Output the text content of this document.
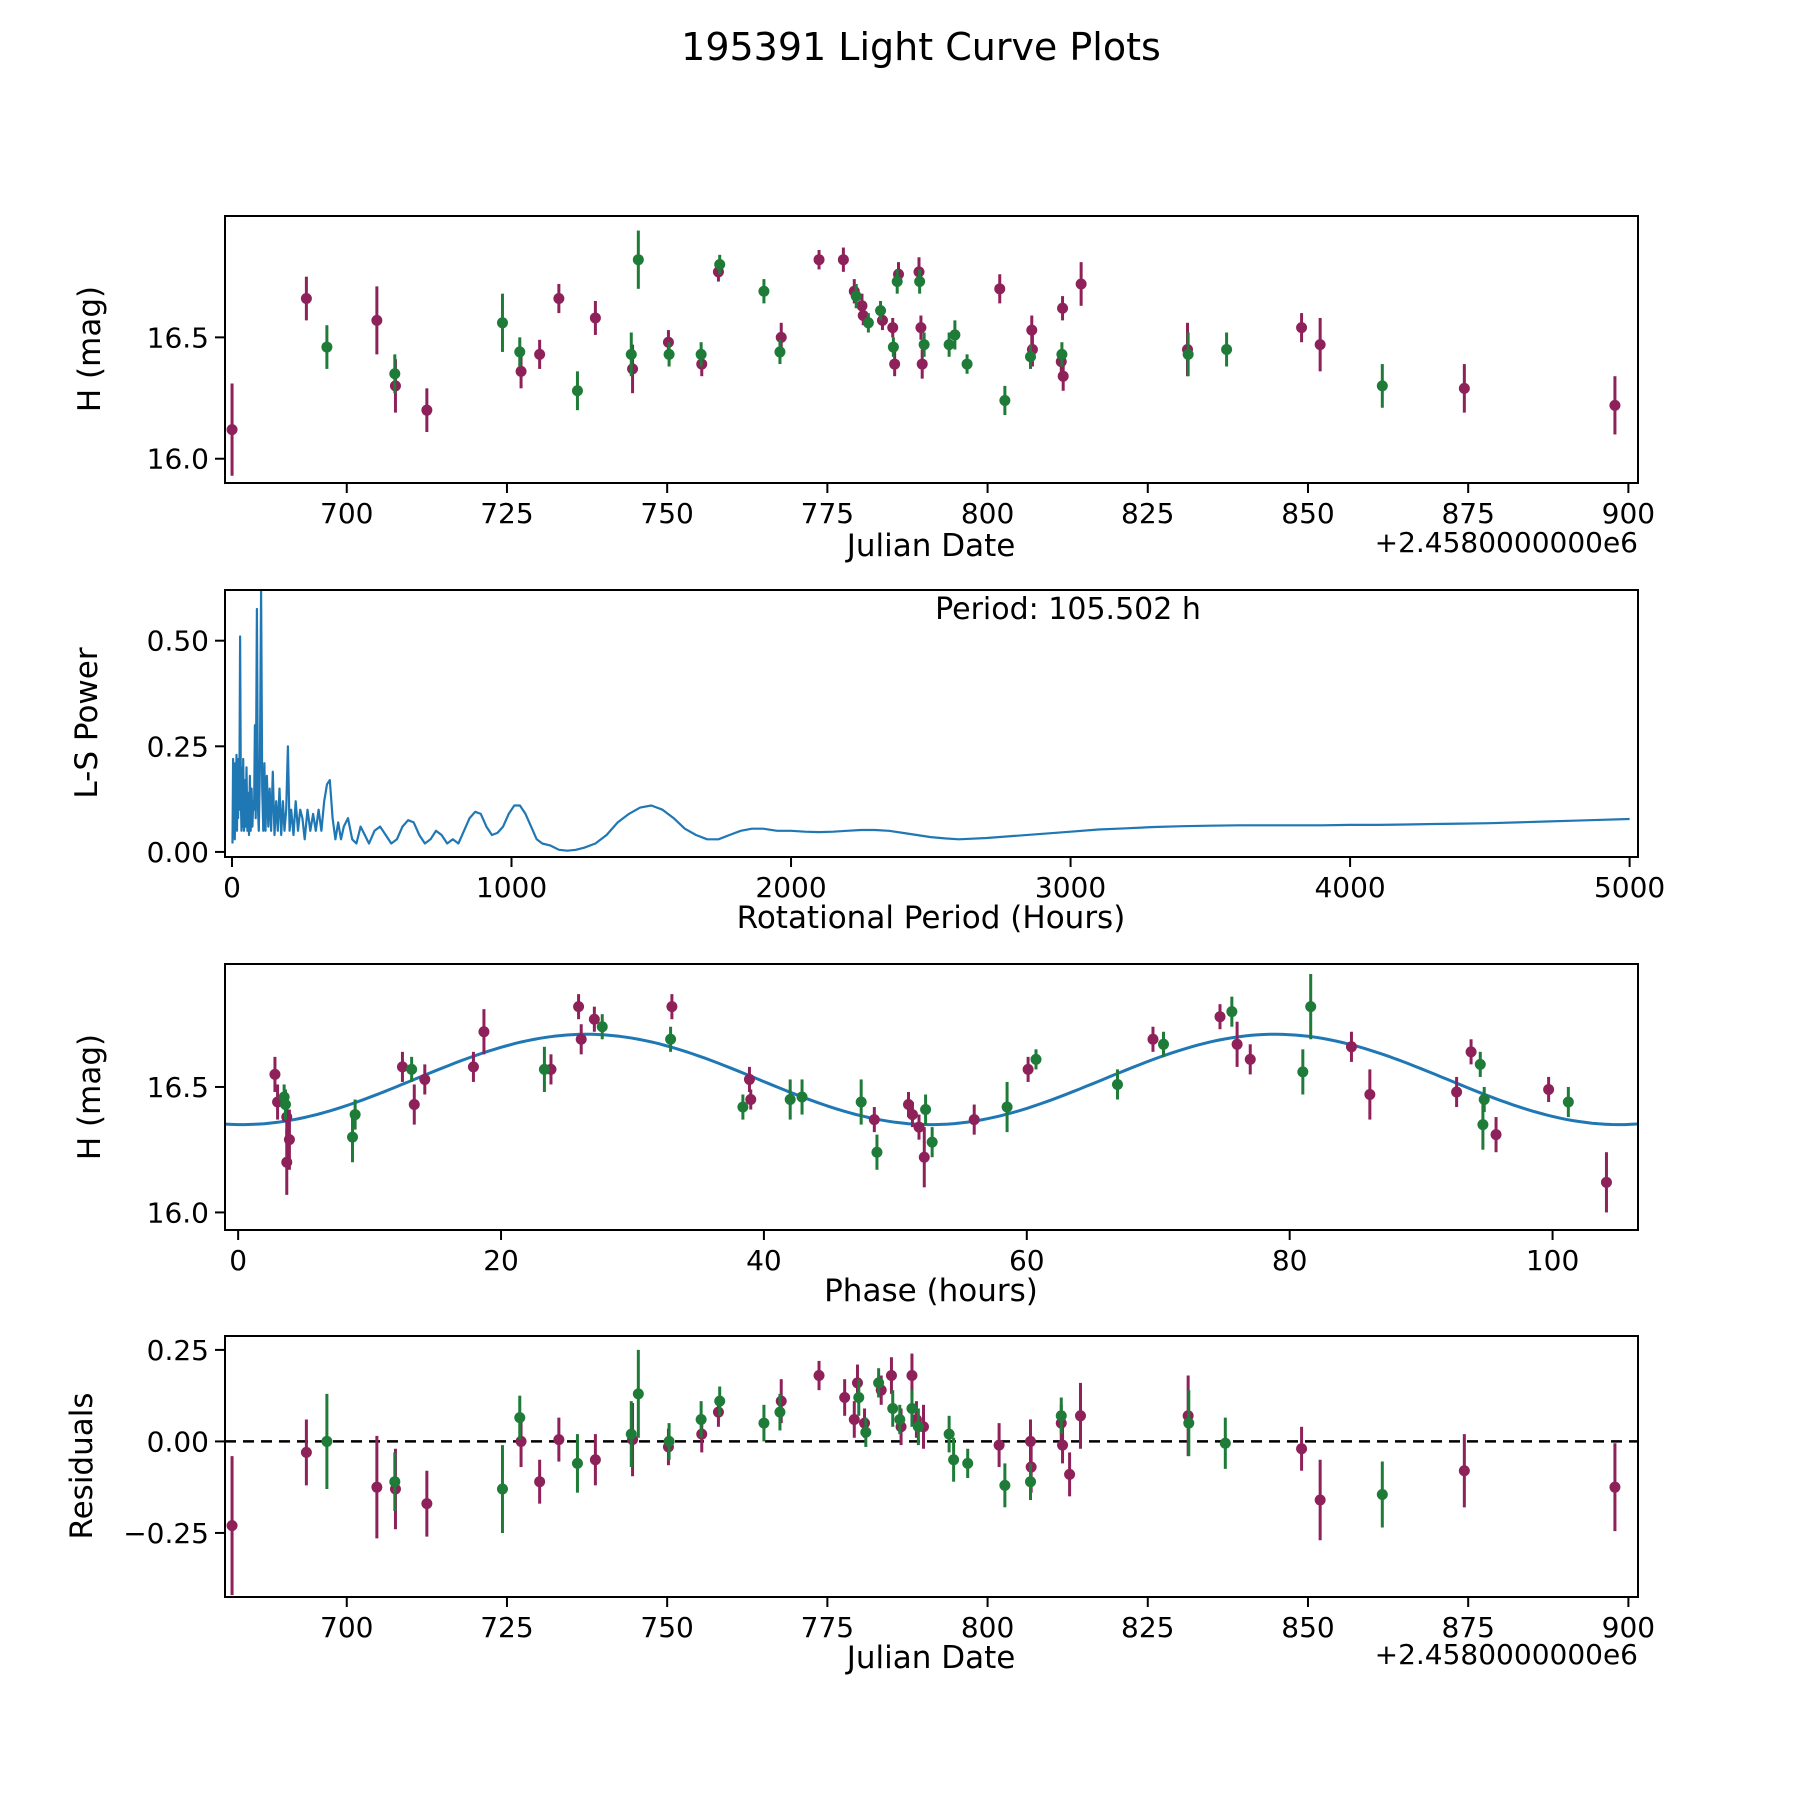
195391 Light Curve Plots
700	725	750	775	800	825	850	875	900
16.0
16.5
H (mag)
Julian Date	+2.4580000000e6
0	1000	2000	3000	4000	5000
0.00
0.25
0.50
L-S Power
Rotational Period (Hours)
Period: 105.502 h
0	20	40	60	80	100
16.0
16.5
H (mag)
Phase (hours)
700	725	750	775	800	825	850	875	900
−0.25
0.00
0.25
Residuals
Julian Date	+2.4580000000e6
